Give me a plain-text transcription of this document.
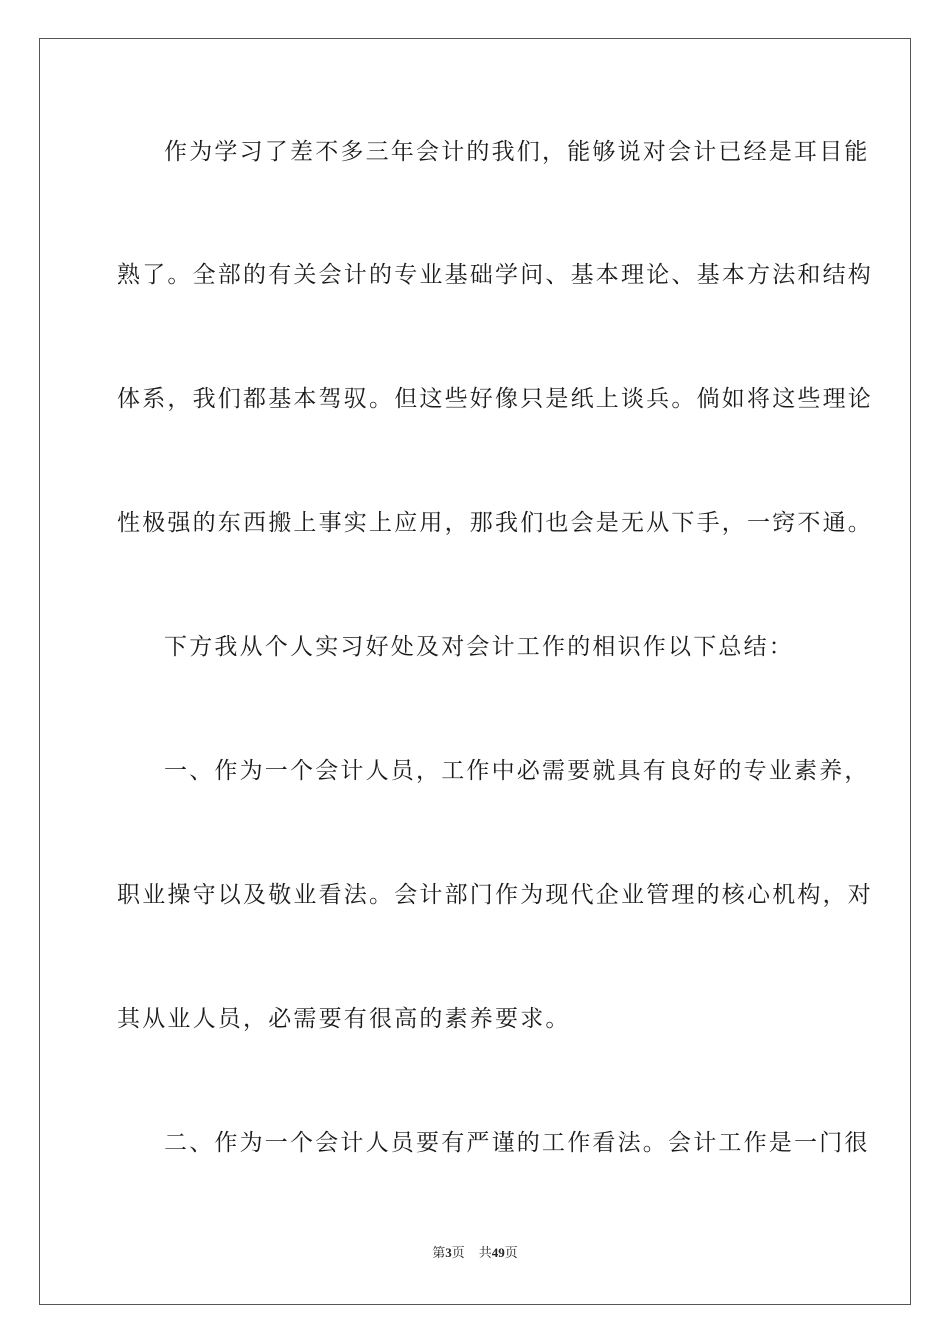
作为学习了差不多三年会计的我们，能够说对会计已经是耳目能
熟了。全部的有关会计的专业基础学问、基本理论、基本方法和结构
体系，我们都基本驾驭。但这些好像只是纸上谈兵。倘如将这些理论
性极强的东西搬上事实上应用，那我们也会是无从下手，一窍不通。
下方我从个人实习好处及对会计工作的相识作以下总结：
一、作为一个会计人员，工作中必需要就具有良好的专业素养，
职业操守以及敬业看法。会计部门作为现代企业管理的核心机构，对
其从业人员，必需要有很高的素养要求。
二、作为一个会计人员要有严谨的工作看法。会计工作是一门很
第3页 共49页
